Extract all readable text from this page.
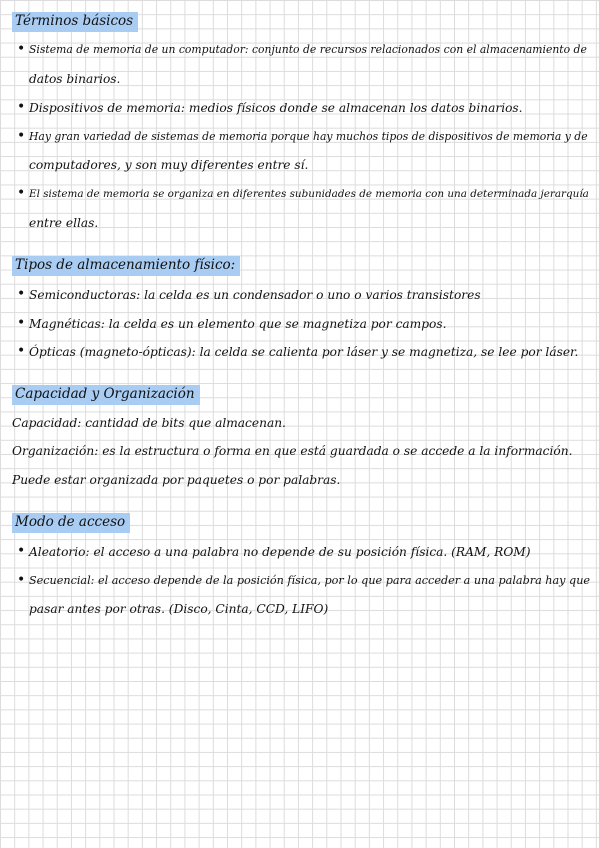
Términos básicos
• Sistema de memoria de un computador: conjunto de recursos relacionados con el almacenamiento de
datos binarios.
• Dispositivos de memoria: medios físicos donde se almacenan los datos binarios.
• Hay gran variedad de sistemas de memoria porque hay muchos tipos de dispositivos de memoria y de
computadores, y son muy diferentes entre sí.
• El sistema de memoria se organiza en diferentes subunidades de memoria con una determinada jerarquía
entre ellas.
Tipos de almacenamiento físico:
• Semiconductoras: la celda es un condensador o uno o varios transistores
• Magnéticas: la celda es un elemento que se magnetiza por campos.
• Ópticas (magneto-ópticas): la celda se calienta por láser y se magnetiza, se lee por láser.
Capacidad y Organización
Capacidad: cantidad de bits que almacenan.
Organización: es la estructura o forma en que está guardada o se accede a la información.
Puede estar organizada por paquetes o por palabras.
Modo de acceso
• Aleatorio: el acceso a una palabra no depende de su posición física. (RAM, ROM)
• Secuencial: el acceso depende de la posición física, por lo que para acceder a una palabra hay que
pasar antes por otras. (Disco, Cinta, CCD, LIFO)
